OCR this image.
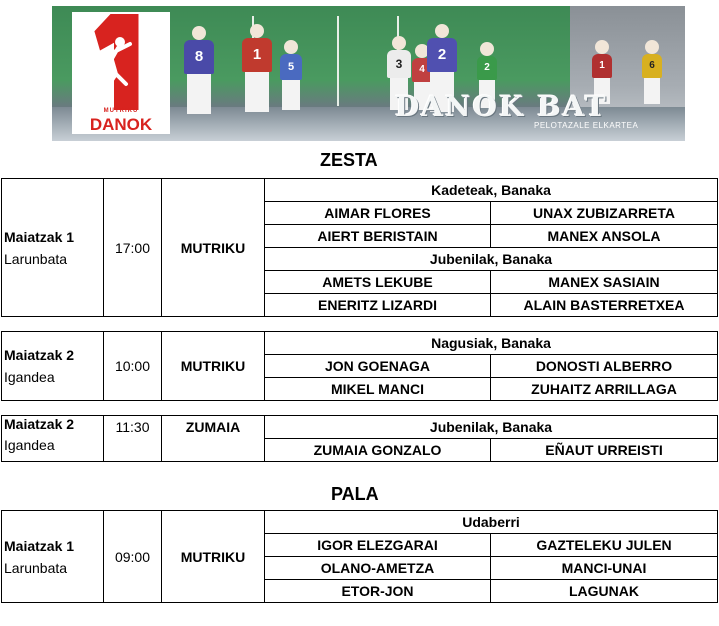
8	1
5	3	4
2
2	1	6
MUTRIKU
DANOK
DANOK BAT
PELOTAZALE ELKARTEA
ZESTA
Maiatzak 1
Larunbata	17:00	MUTRIKU	Kadeteak, Banaka	
			AIMAR FLORES	UNAX ZUBIZARRETA
			AIERT BERISTAIN	MANEX ANSOLA
			Jubenilak, Banaka	
			AMETS LEKUBE	MANEX SASIAIN
			ENERITZ LIZARDI	ALAIN BASTERRETXEA
Maiatzak 2
Igandea	10:00	MUTRIKU	Nagusiak, Banaka	
			JON GOENAGA	DONOSTI ALBERRO
			MIKEL MANCI	ZUHAITZ ARRILLAGA
Maiatzak 2
Igandea	11:30	ZUMAIA	Jubenilak, Banaka	
			ZUMAIA GONZALO	EÑAUT URREISTI
PALA
Maiatzak 1
Larunbata	09:00	MUTRIKU	Udaberri	
			IGOR ELEZGARAI	GAZTELEKU JULEN
			OLANO-AMETZA	MANCI-UNAI
			ETOR-JON	LAGUNAK
